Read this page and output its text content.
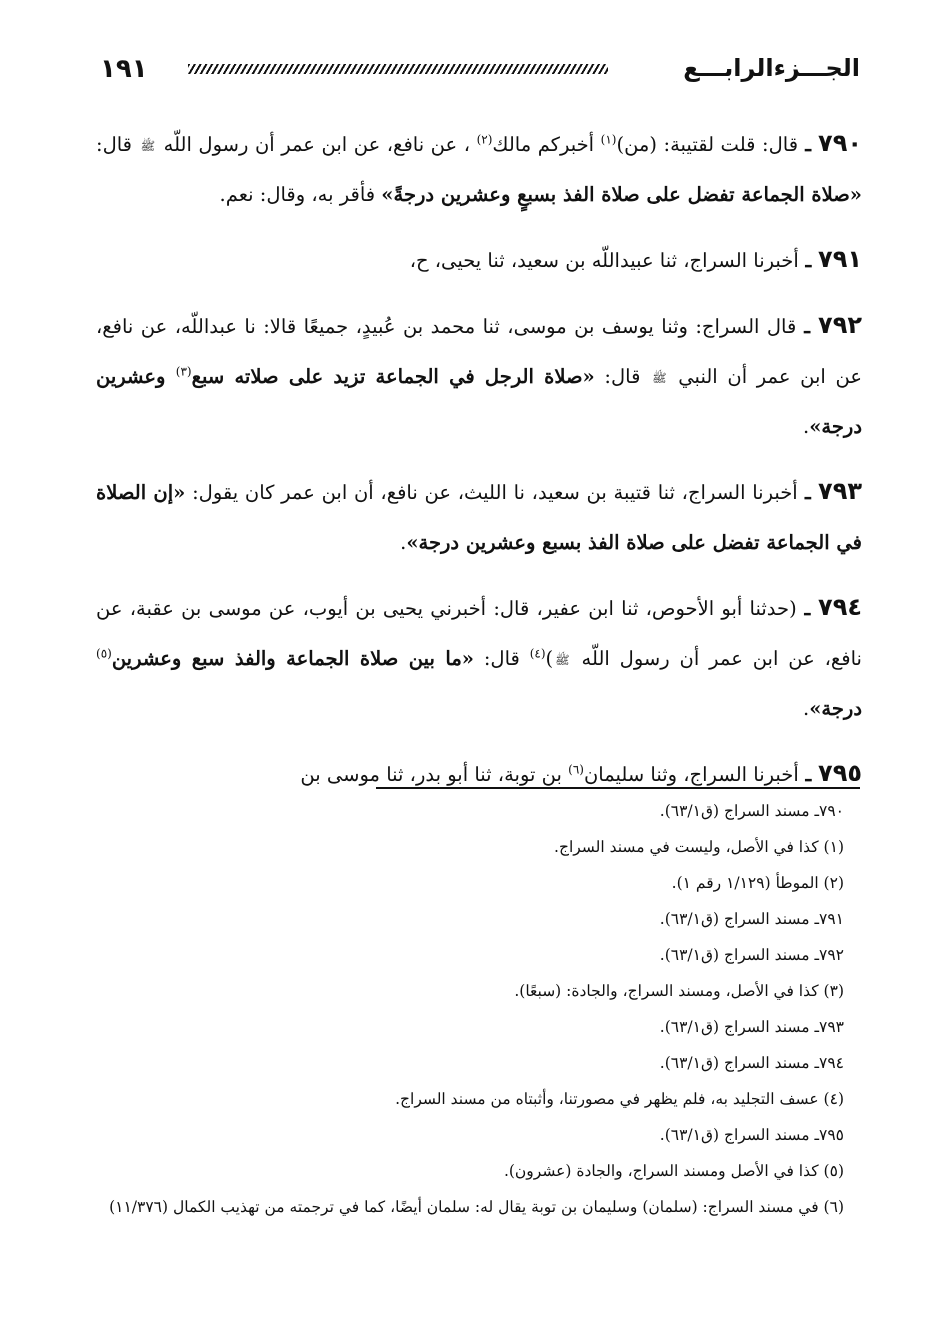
الجـــزءالرابـــع
١٩١

٧٩٠ ـ قال: قلت لقتيبة: (من)$^{(١)}$ أخبركم مالك$^{(٢)}$ ، عن نافع، عن ابن عمر أن رسول اللّه ﷺ قال: «صلاة الجماعة تفضل على صلاة الفذ بسبعٍ وعشرين درجةً» فأقر به، وقال: نعم.

٧٩١ ـ أخبرنا السراج، ثنا عبيداللّه بن سعيد، ثنا يحيى، ح،

٧٩٢ ـ قال السراج: وثنا يوسف بن موسى، ثنا محمد بن عُبيدٍ، جميعًا قالا: نا عبداللّه، عن نافع، عن ابن عمر أن النبي ﷺ قال: «صلاة الرجل في الجماعة تزيد على صلاته سبع$^{(٣)}$ وعشرين درجة».

٧٩٣ ـ أخبرنا السراج، ثنا قتيبة بن سعيد، نا الليث، عن نافع، أن ابن عمر كان يقول: «إن الصلاة في الجماعة تفضل على صلاة الفذ بسبع وعشرين درجة».

٧٩٤ ـ (حدثنا أبو الأحوص، ثنا ابن عفير، قال: أخبرني يحيى بن أيوب، عن موسى بن عقبة، عن نافع، عن ابن عمر أن رسول اللّه ﷺ)$^{(٤)}$ قال: «ما بين صلاة الجماعة والفذ سبع وعشرين$^{(٥)}$ درجة».

٧٩٥ ـ أخبرنا السراج، وثنا سليمان$^{(٦)}$ بن توبة، ثنا أبو بدر، ثنا موسى بن

٧٩٠ـ مسند السراج (ق٦٣/١).

(١) كذا في الأصل، وليست في مسند السراج.

(٢) الموطأ (١/١٢٩ رقم ١).

٧٩١ـ مسند السراج (ق٦٣/١).

٧٩٢ـ مسند السراج (ق٦٣/١).

(٣) كذا في الأصل، ومسند السراج، والجادة: (سبعًا).

٧٩٣ـ مسند السراج (ق٦٣/١).

٧٩٤ـ مسند السراج (ق٦٣/١).

(٤) عسف التجليد به، فلم يظهر في مصورتنا، وأثبتاه من مسند السراج.

٧٩٥ـ مسند السراج (ق٦٣/١).

(٥) كذا في الأصل ومسند السراج، والجادة (عشرون).

(٦) في مسند السراج: (سلمان) وسليمان بن توبة يقال له: سلمان أيضًا، كما في ترجمته من تهذيب الكمال (١١/٣٧٦)
